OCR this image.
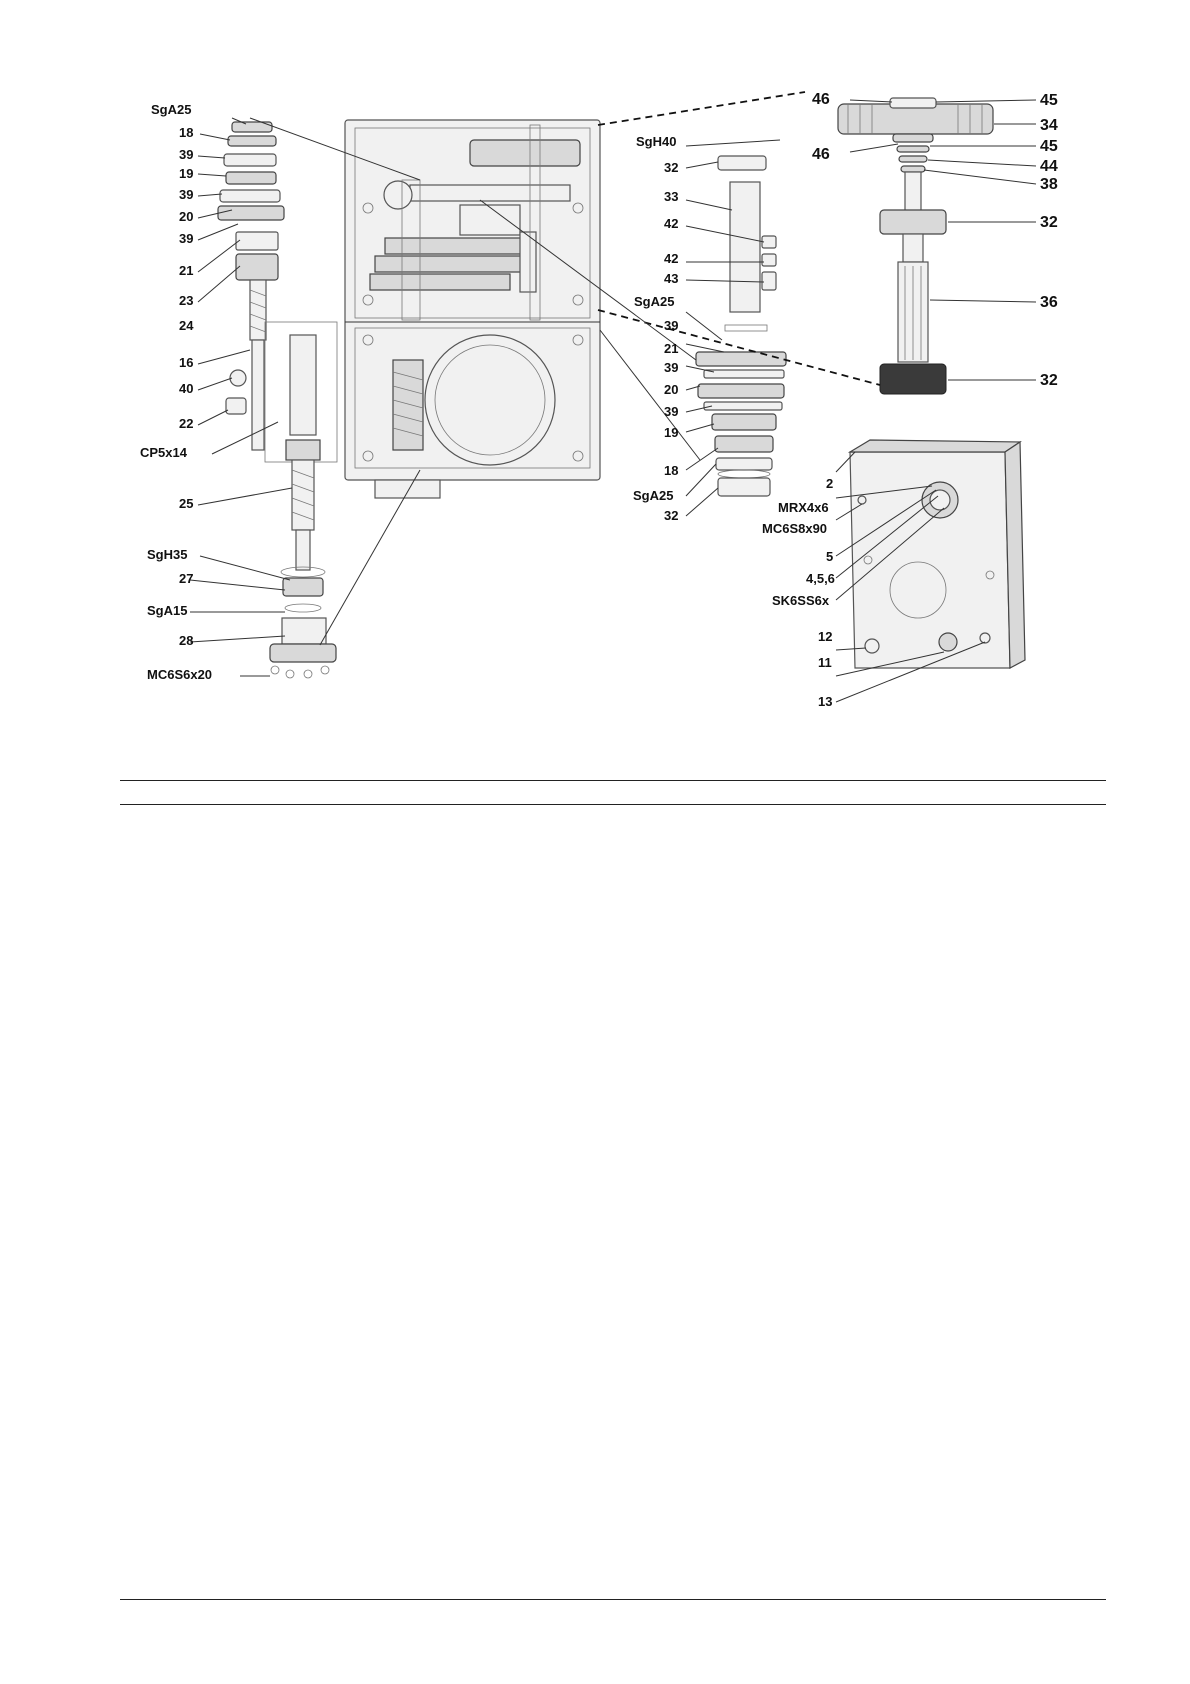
SgA25
18
39
19
39
20
39
21
23
24
16
40
22
CP5x14
25
SgH35
27
SgA15
28
MC6S6x20
SgH40
32
33
42
42
43
SgA25
39
21
39
20
39
19
18
SgA25
32
46	45
34
46	45
44
38
32
36
32
2
MRX4x6
MC6S8x90
5
4,5,6
SK6SS6x
12
11
13
